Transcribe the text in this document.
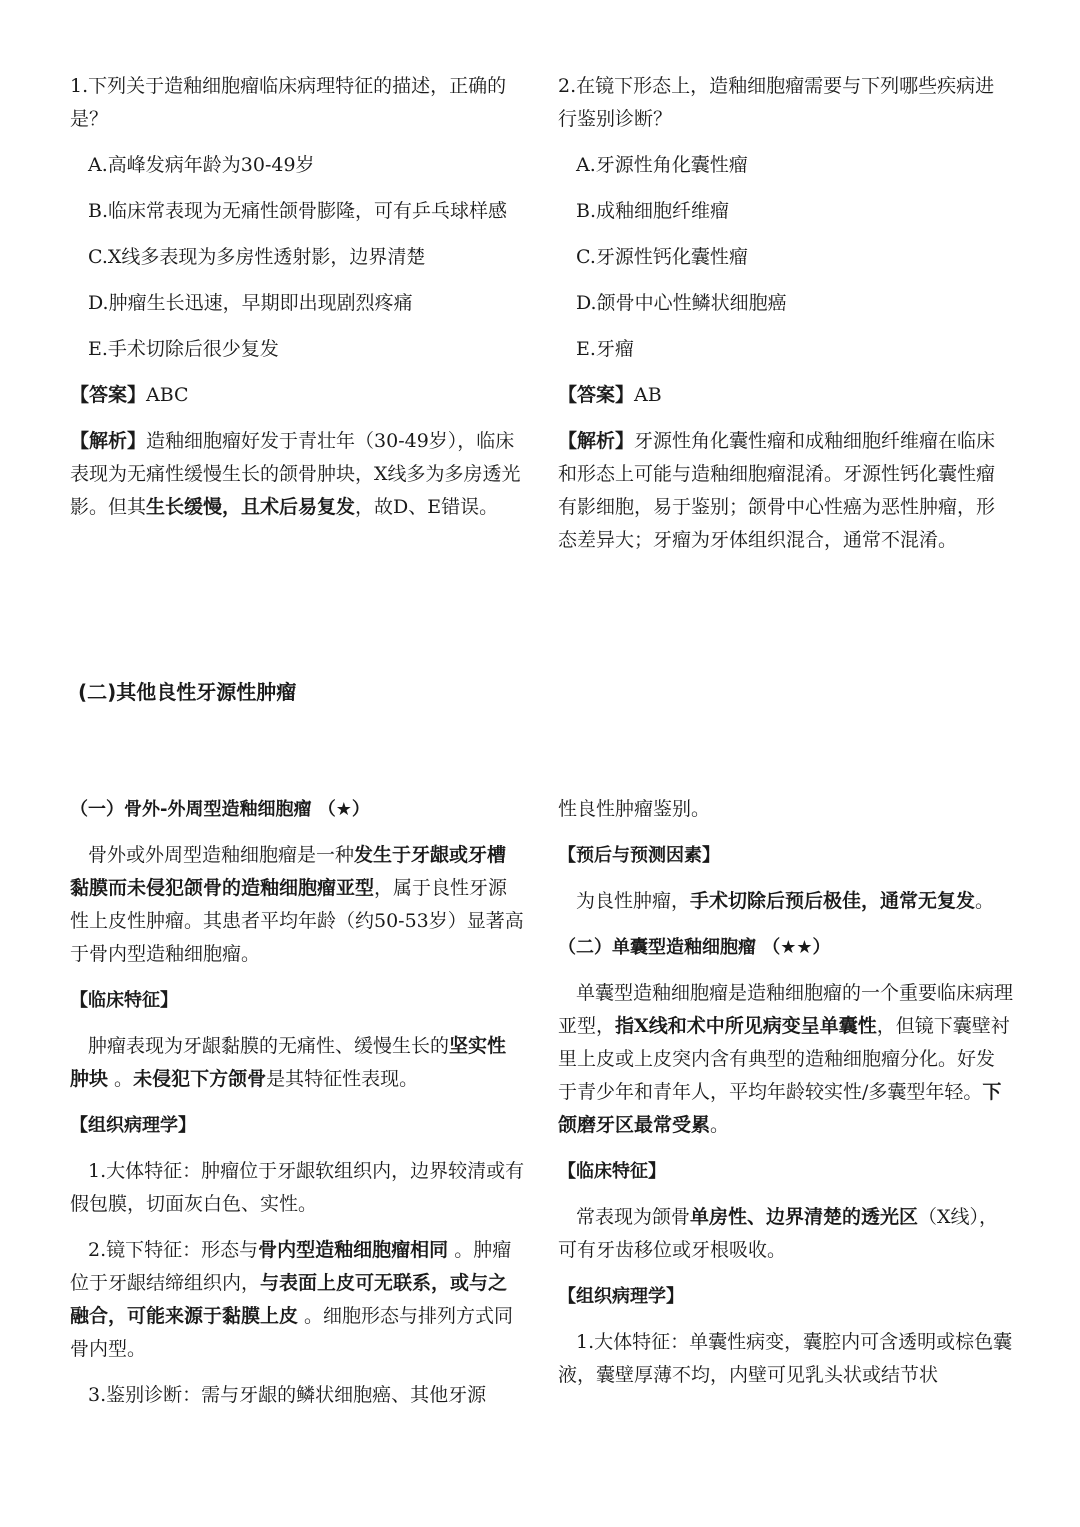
1.下列关于造釉细胞瘤临床病理特征的描述，正确的是？

A.高峰发病年龄为30-49岁

B.临床常表现为无痛性颌骨膨隆，可有乒乓球样感

C.X线多表现为多房性透射影，边界清楚

D.肿瘤生长迅速，早期即出现剧烈疼痛

E.手术切除后很少复发

【答案】ABC

【解析】造釉细胞瘤好发于青壮年（30-49岁），临床表现为无痛性缓慢生长的颌骨肿块，X线多为多房透光影。但其生长缓慢，且术后易复发，故D、E错误。

2.在镜下形态上，造釉细胞瘤需要与下列哪些疾病进行鉴别诊断？

A.牙源性角化囊性瘤

B.成釉细胞纤维瘤

C.牙源性钙化囊性瘤

D.颌骨中心性鳞状细胞癌

E.牙瘤

【答案】AB

【解析】牙源性角化囊性瘤和成釉细胞纤维瘤在临床和形态上可能与造釉细胞瘤混淆。牙源性钙化囊性瘤有影细胞，易于鉴别；颌骨中心性癌为恶性肿瘤，形态差异大；牙瘤为牙体组织混合，通常不混淆。

(二)其他良性牙源性肿瘤

（一）骨外-外周型造釉细胞瘤 （★）

骨外或外周型造釉细胞瘤是一种发生于牙龈或牙槽黏膜而未侵犯颌骨的造釉细胞瘤亚型，属于良性牙源性上皮性肿瘤。其患者平均年龄（约50-53岁）显著高于骨内型造釉细胞瘤。

【临床特征】

肿瘤表现为牙龈黏膜的无痛性、缓慢生长的坚实性肿块 。未侵犯下方颌骨是其特征性表现。

【组织病理学】

1.大体特征：肿瘤位于牙龈软组织内，边界较清或有假包膜，切面灰白色、实性。

2.镜下特征：形态与骨内型造釉细胞瘤相同 。肿瘤位于牙龈结缔组织内，与表面上皮可无联系，或与之融合，可能来源于黏膜上皮 。细胞形态与排列方式同骨内型。

3.鉴别诊断：需与牙龈的鳞状细胞癌、其他牙源

性良性肿瘤鉴别。

【预后与预测因素】

为良性肿瘤，手术切除后预后极佳，通常无复发。

（二）单囊型造釉细胞瘤 （★★）

单囊型造釉细胞瘤是造釉细胞瘤的一个重要临床病理亚型，指X线和术中所见病变呈单囊性，但镜下囊壁衬里上皮或上皮突内含有典型的造釉细胞瘤分化。好发于青少年和青年人，平均年龄较实性/多囊型年轻。下颌磨牙区最常受累。

【临床特征】

常表现为颌骨单房性、边界清楚的透光区（X线），可有牙齿移位或牙根吸收。

【组织病理学】

1.大体特征：单囊性病变，囊腔内可含透明或棕色囊液，囊壁厚薄不均，内壁可见乳头状或结节状
